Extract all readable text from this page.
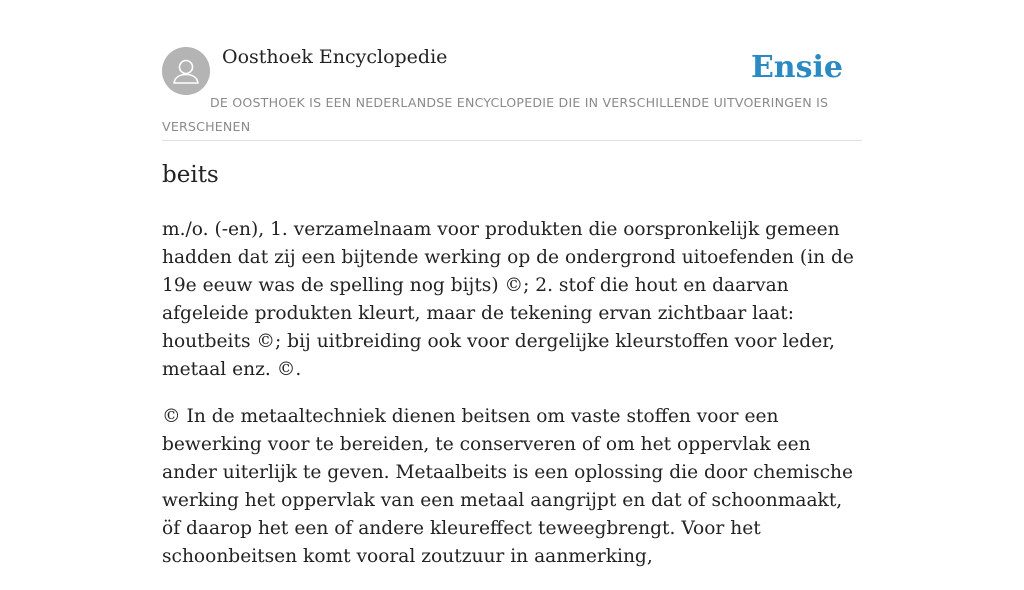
Oosthoek Encyclopedie	Ensie
DE OOSTHOEK IS EEN NEDERLANDSE ENCYCLOPEDIE DIE IN VERSCHILLENDE UITVOERINGEN IS VERSCHENEN
beits

m./o. (-en), 1. verzamelnaam voor produkten die oorspronkelijk gemeen hadden dat zij een bijtende werking op de ondergrond uitoefenden (in de 19e eeuw was de spelling nog bijts) ©; 2. stof die hout en daarvan afgeleide produkten kleurt, maar de tekening ervan zichtbaar laat: houtbeits ©; bij uitbreiding ook voor dergelijke kleurstoffen voor leder, metaal enz. ©.

© In de metaaltechniek dienen beitsen om vaste stoffen voor een bewerking voor te bereiden, te conserveren of om het oppervlak een ander uiterlijk te geven. Metaalbeits is een oplossing die door chemische werking het oppervlak van een metaal aangrijpt en dat of schoonmaakt, öf daarop het een of andere kleureffect teweegbrengt. Voor het schoonbeitsen komt vooral zoutzuur in aanmerking,
